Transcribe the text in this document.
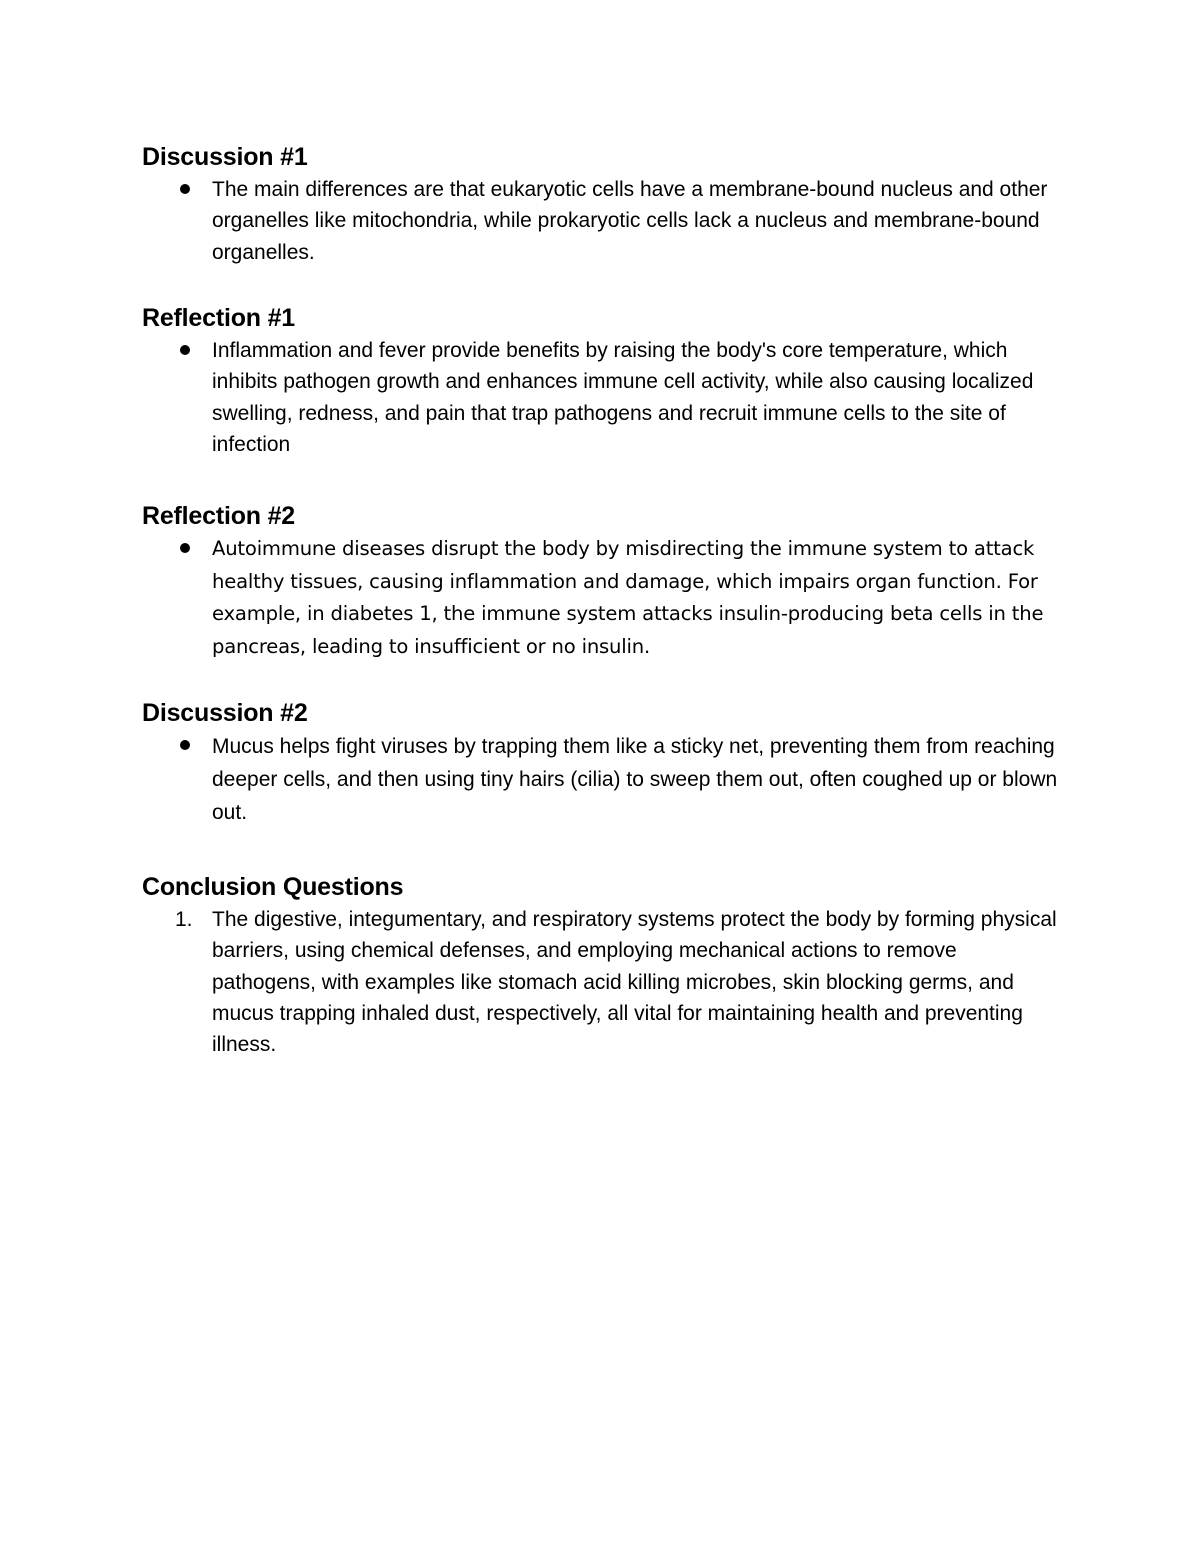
Discussion #1
The main differences are that eukaryotic cells have a membrane-bound nucleus and other organelles like mitochondria, while prokaryotic cells lack a nucleus and membrane-bound organelles.
Reflection #1
Inflammation and fever provide benefits by raising the body's core temperature, which inhibits pathogen growth and enhances immune cell activity, while also causing localized swelling, redness, and pain that trap pathogens and recruit immune cells to the site of infection
Reflection #2
Autoimmune diseases disrupt the body by misdirecting the immune system to attack healthy tissues, causing inflammation and damage, which impairs organ function. For example, in diabetes 1, the immune system attacks insulin-producing beta cells in the pancreas, leading to insufficient or no insulin.
Discussion #2
Mucus helps fight viruses by trapping them like a sticky net, preventing them from reaching deeper cells, and then using tiny hairs (cilia) to sweep them out, often coughed up or blown out.
Conclusion Questions
1. The digestive, integumentary, and respiratory systems protect the body by forming physical barriers, using chemical defenses, and employing mechanical actions to remove pathogens, with examples like stomach acid killing microbes, skin blocking germs, and mucus trapping inhaled dust, respectively, all vital for maintaining health and preventing illness.
